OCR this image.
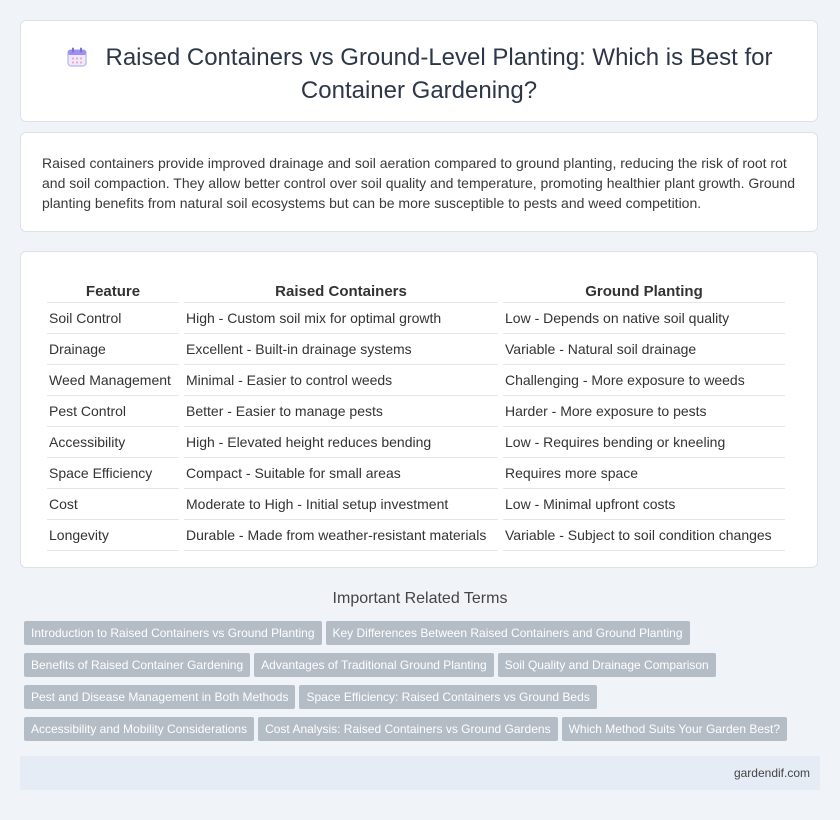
Raised Containers vs Ground-Level Planting: Which is Best for
Container Gardening?
Raised containers provide improved drainage and soil aeration compared to ground planting, reducing the risk of root rot and soil compaction. They allow better control over soil quality and temperature, promoting healthier plant growth. Ground planting benefits from natural soil ecosystems but can be more susceptible to pests and weed competition.
Feature	Raised Containers	Ground Planting
Soil Control	High - Custom soil mix for optimal growth	Low - Depends on native soil quality
Drainage	Excellent - Built-in drainage systems	Variable - Natural soil drainage
Weed Management	Minimal - Easier to control weeds	Challenging - More exposure to weeds
Pest Control	Better - Easier to manage pests	Harder - More exposure to pests
Accessibility	High - Elevated height reduces bending	Low - Requires bending or kneeling
Space Efficiency	Compact - Suitable for small areas	Requires more space
Cost	Moderate to High - Initial setup investment	Low - Minimal upfront costs
Longevity	Durable - Made from weather-resistant materials	Variable - Subject to soil condition changes
Important Related Terms
Introduction to Raised Containers vs Ground Planting Key Differences Between Raised Containers and Ground Planting
Benefits of Raised Container Gardening Advantages of Traditional Ground Planting Soil Quality and Drainage Comparison
Pest and Disease Management in Both Methods Space Efficiency: Raised Containers vs Ground Beds
Accessibility and Mobility Considerations Cost Analysis: Raised Containers vs Ground Gardens Which Method Suits Your Garden Best?
gardendif.com
